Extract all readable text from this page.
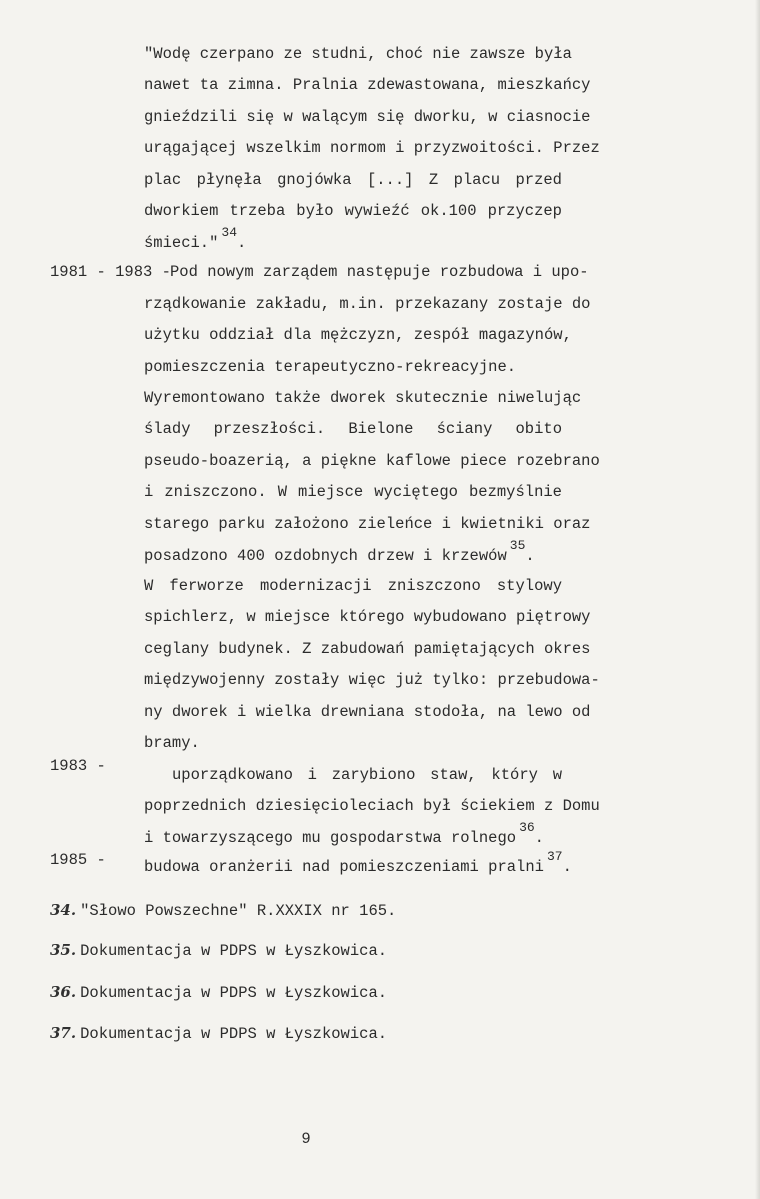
"Wodę czerpano ze studni, choć nie zawsze była
nawet ta zimna. Pralnia zdewastowana, mieszkańcy
gnieździli się w walącym się dworku, w ciasnocie
urągającej wszelkim normom i przyzwoitości. Przez
plac płynęła gnojówka [...] Z placu przed
dworkiem trzeba było wywieźć ok.100 przyczep
śmieci."$^{34}$.
1981 - 1983 - Pod nowym zarządem następuje rozbudowa i upo-
rządkowanie zakładu, m.in. przekazany zostaje do
użytku oddział dla mężczyzn, zespół magazynów,
pomieszczenia terapeutyczno-rekreacyjne.
Wyremontowano także dworek skutecznie niwelując
ślady przeszłości. Bielone ściany obito
pseudo-boazerią, a piękne kaflowe piece rozebrano
i zniszczono. W miejsce wyciętego bezmyślnie
starego parku założono zieleńce i kwietniki oraz
posadzono 400 ozdobnych drzew i krzewów$^{35}$.
W ferworze modernizacji zniszczono stylowy
spichlerz, w miejsce którego wybudowano piętrowy
ceglany budynek. Z zabudowań pamiętających okres
międzywojenny zostały więc już tylko: przebudowa-
ny dworek i wielka drewniana stodoła, na lewo od
bramy.
1983 -	uporządkowano i zarybiono staw, który w
poprzednich dziesięcioleciach był ściekiem z Domu
i towarzyszącego mu gospodarstwa rolnego$^{36}$.
1985 - budowa oranżerii nad pomieszczeniami pralni$^{37}$.
34. "Słowo Powszechne" R.XXXIX nr 165.
35. Dokumentacja w PDPS w Łyszkowica.
36. Dokumentacja w PDPS w Łyszkowica.
37. Dokumentacja w PDPS w Łyszkowica.
9
